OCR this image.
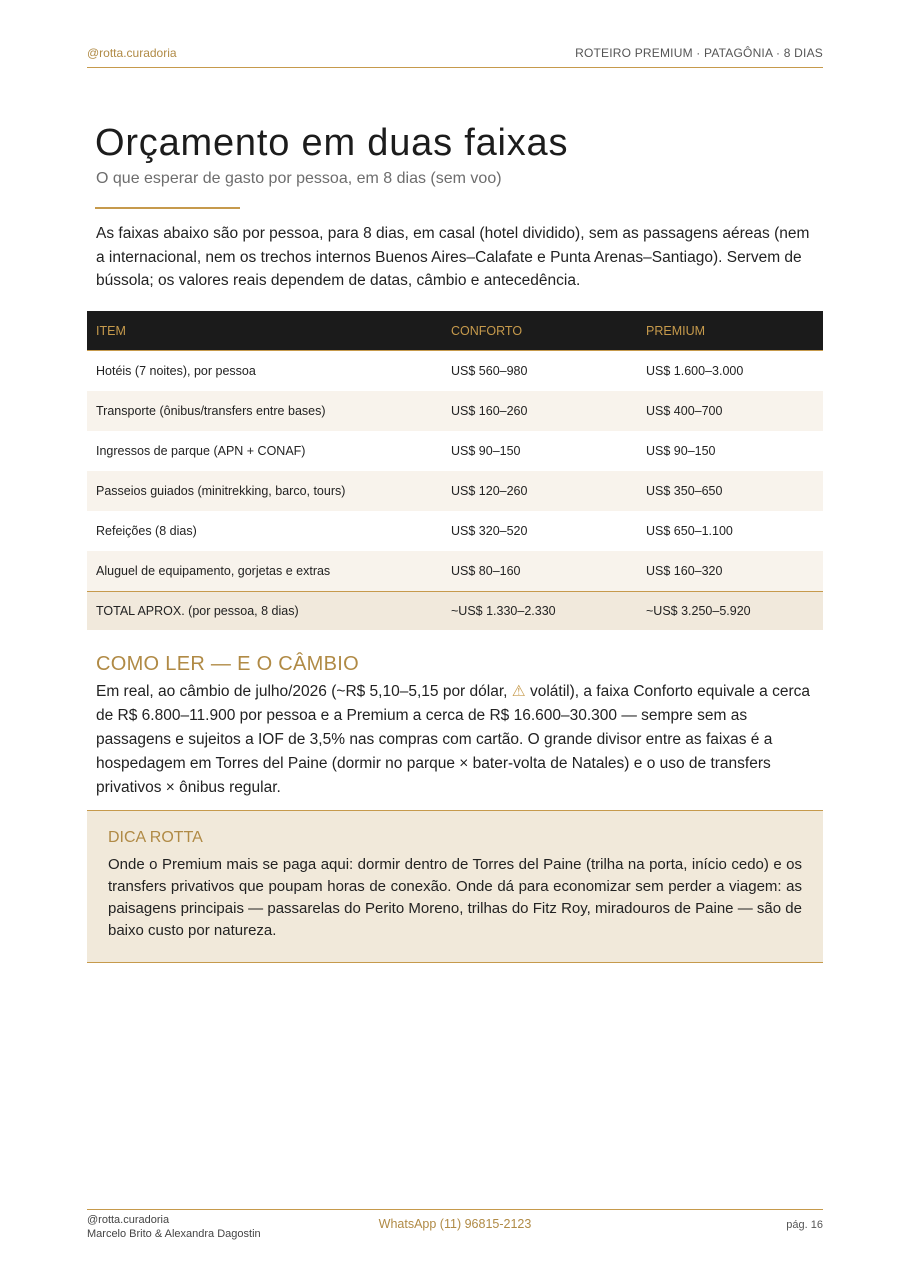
@rotta.curadoria	ROTEIRO PREMIUM · PATAGÔNIA · 8 DIAS
Orçamento em duas faixas

O que esperar de gasto por pessoa, em 8 dias (sem voo)

As faixas abaixo são por pessoa, para 8 dias, em casal (hotel dividido), sem as passagens aéreas (nem a internacional, nem os trechos internos Buenos Aires–Calafate e Punta Arenas–Santiago). Servem de bússola; os valores reais dependem de datas, câmbio e antecedência.

ITEM	CONFORTO	PREMIUM
Hotéis (7 noites), por pessoa	US$ 560–980	US$ 1.600–3.000
Transporte (ônibus/transfers entre bases)	US$ 160–260	US$ 400–700
Ingressos de parque (APN + CONAF)	US$ 90–150	US$ 90–150
Passeios guiados (minitrekking, barco, tours)	US$ 120–260	US$ 350–650
Refeições (8 dias)	US$ 320–520	US$ 650–1.100
Aluguel de equipamento, gorjetas e extras	US$ 80–160	US$ 160–320
TOTAL APROX. (por pessoa, 8 dias)	~US$ 1.330–2.330	~US$ 3.250–5.920
COMO LER — E O CÂMBIO

Em real, ao câmbio de julho/2026 (~R$ 5,10–5,15 por dólar, ⚠ volátil), a faixa Conforto equivale a cerca de R$ 6.800–11.900 por pessoa e a Premium a cerca de R$ 16.600–30.300 — sempre sem as passagens e sujeitos a IOF de 3,5% nas compras com cartão. O grande divisor entre as faixas é a hospedagem em Torres del Paine (dormir no parque × bater-volta de Natales) e o uso de transfers privativos × ônibus regular.

DICA ROTTA

Onde o Premium mais se paga aqui: dormir dentro de Torres del Paine (trilha na porta, início cedo) e os transfers privativos que poupam horas de conexão. Onde dá para economizar sem perder a viagem: as paisagens principais — passarelas do Perito Moreno, trilhas do Fitz Roy, miradouros de Paine — são de baixo custo por natureza.

@rotta.curadoria
Marcelo Brito & Alexandra Dagostin
WhatsApp (11) 96815-2123	pág. 16
